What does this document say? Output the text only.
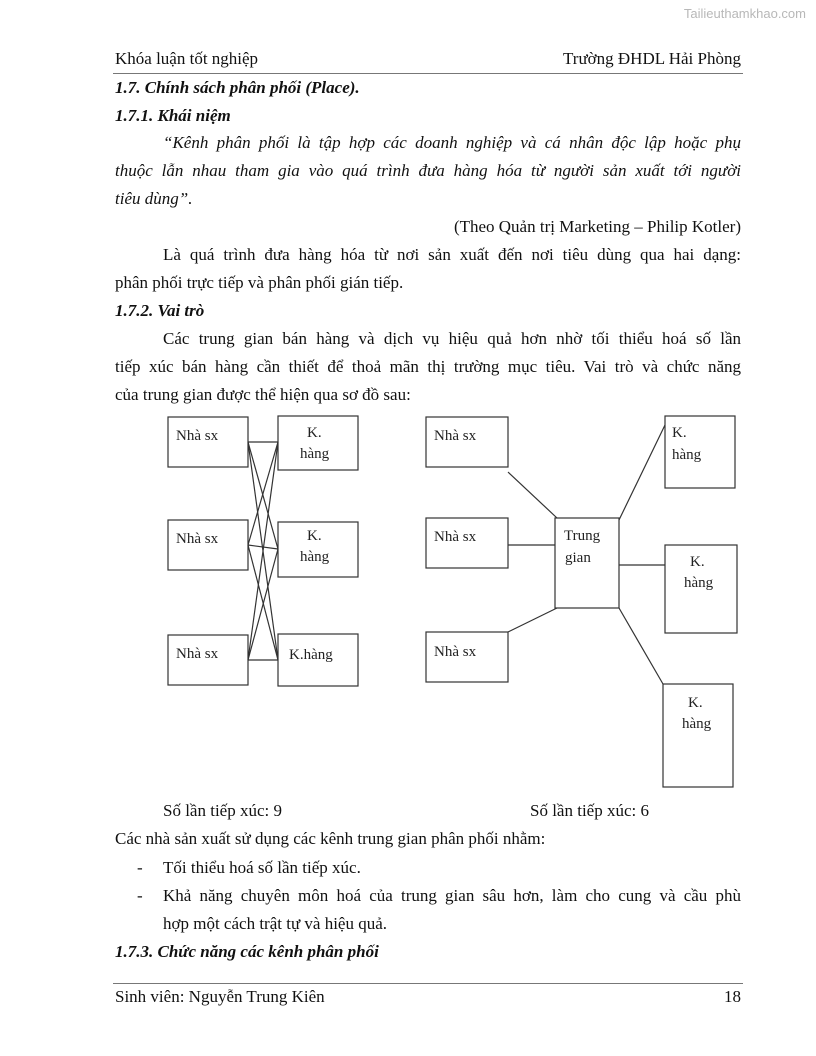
Tailieuthamkhao.com
Khóa luận tốt nghiệp	Trường ĐHDL Hải Phòng
1.7. Chính sách phân phối (Place).
1.7.1. Khái niệm
“Kênh phân phối là tập hợp các doanh nghiệp và cá nhân độc lập hoặc phụ
thuộc lẫn nhau tham gia vào quá trình đưa hàng hóa từ người sản xuất tới người
tiêu dùng”.
(Theo Quản trị Marketing – Philip Kotler)
Là quá trình đưa hàng hóa từ nơi sản xuất đến nơi tiêu dùng qua hai dạng:
phân phối trực tiếp và phân phối gián tiếp.
1.7.2. Vai trò
Các trung gian bán hàng và dịch vụ hiệu quả hơn nhờ tối thiểu hoá số lần
tiếp xúc bán hàng cần thiết để thoả mãn thị trường mục tiêu. Vai trò và chức năng
của trung gian được thể hiện qua sơ đồ sau:
Nhà sx
Nhà sx
Nhà sx
K.
hàng
K.
hàng
K.hàng
Nhà sx
Nhà sx
Nhà sx
Trung
gian
K.
hàng
K.
hàng
K.
hàng
Số lần tiếp xúc: 9	Số lần tiếp xúc: 6
Các nhà sản xuất sử dụng các kênh trung gian phân phối nhằm:
- Tối thiểu hoá số lần tiếp xúc.
- Khả năng chuyên môn hoá của trung gian sâu hơn, làm cho cung và cầu phù
hợp một cách trật tự và hiệu quả.
1.7.3. Chức năng các kênh phân phối
Sinh viên: Nguyễn Trung Kiên	18
